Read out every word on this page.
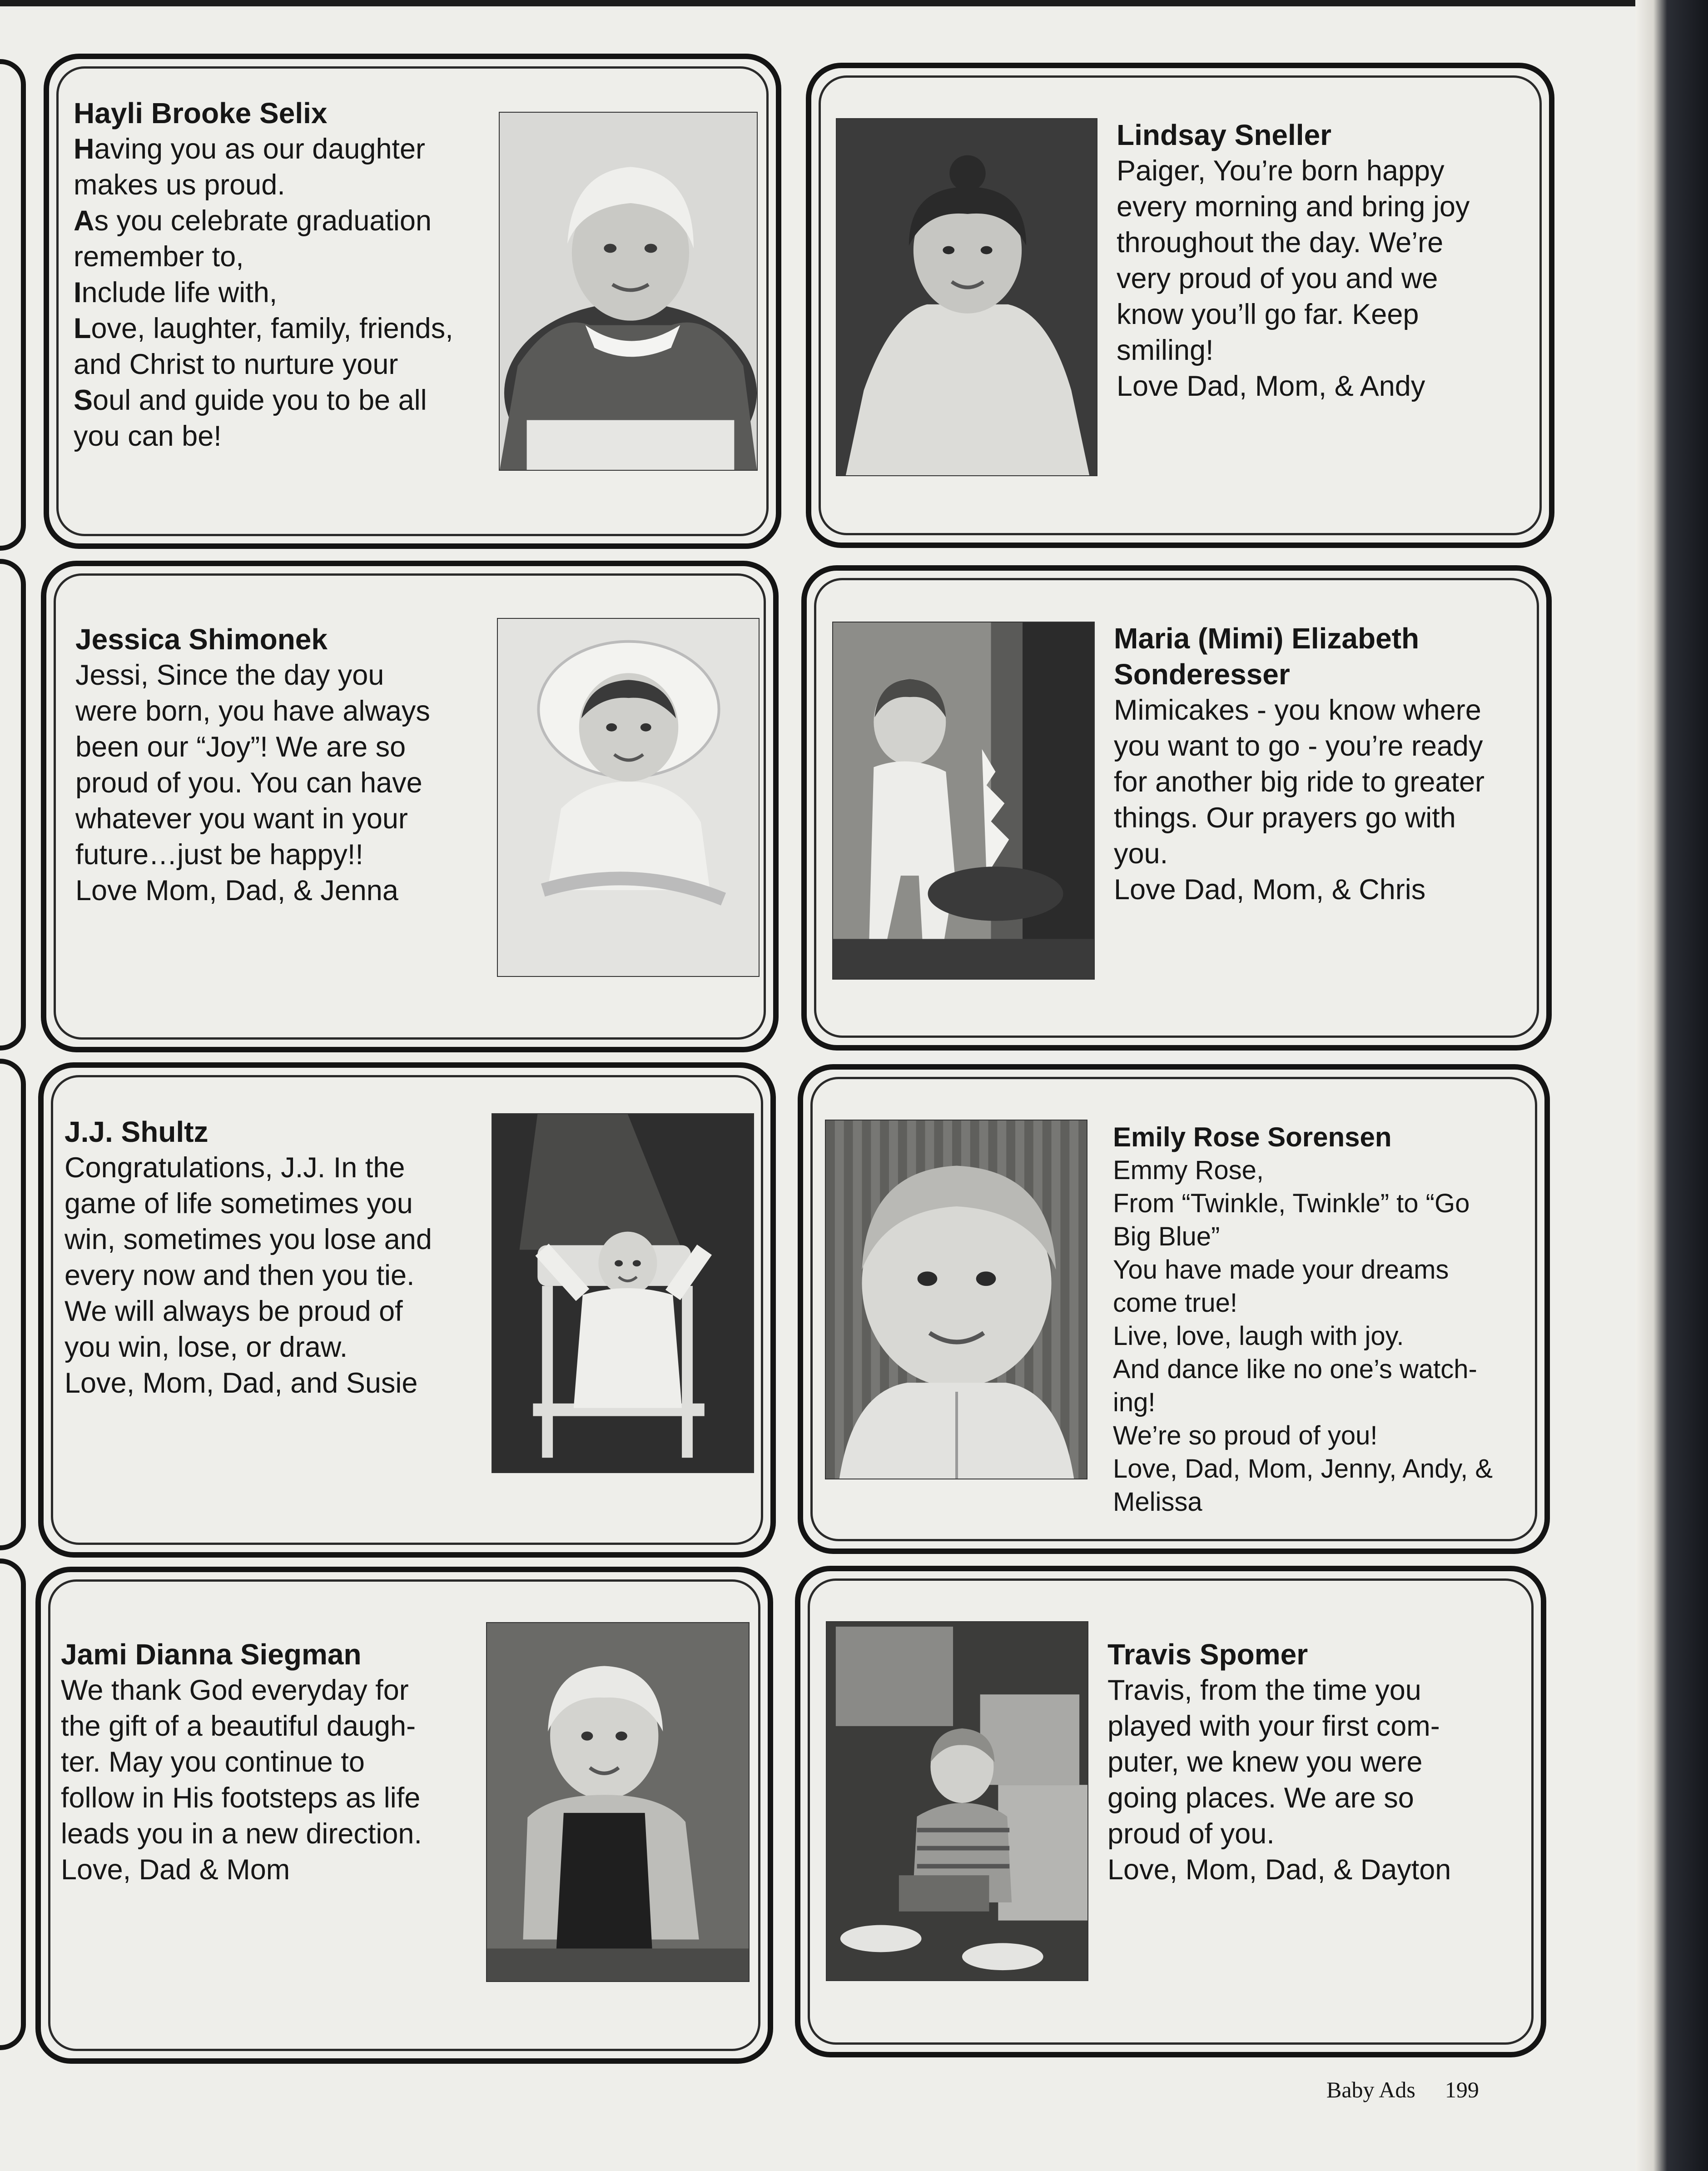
Hayli Brooke Selix
Having you as our daughter
makes us proud.
As you celebrate graduation
remember to,
Include life with,
Love, laughter, family, friends,
and Christ to nurture your
Soul and guide you to be all
you can be!
Lindsay Sneller
Paiger, You’re born happy
every morning and bring joy
throughout the day. We’re
very proud of you and we
know you’ll go far. Keep
smiling!
Love Dad, Mom, & Andy
Jessica Shimonek
Jessi, Since the day you
were born, you have always
been our “Joy”! We are so
proud of you. You can have
whatever you want in your
future…just be happy!!
Love Mom, Dad, & Jenna
Maria (Mimi) Elizabeth
Sonderesser
Mimicakes - you know where
you want to go - you’re ready
for another big ride to greater
things. Our prayers go with
you.
Love Dad, Mom, & Chris
J.J. Shultz
Congratulations, J.J. In the
game of life sometimes you
win, sometimes you lose and
every now and then you tie.
We will always be proud of
you win, lose, or draw.
Love, Mom, Dad, and Susie
Emily Rose Sorensen
Emmy Rose,
From “Twinkle, Twinkle” to “Go
Big Blue”
You have made your dreams
come true!
Live, love, laugh with joy.
And dance like no one’s watch-
ing!
We’re so proud of you!
Love, Dad, Mom, Jenny, Andy, &
Melissa
Jami Dianna Siegman
We thank God everyday for
the gift of a beautiful daugh-
ter. May you continue to
follow in His footsteps as life
leads you in a new direction.
Love, Dad & Mom
Travis Spomer
Travis, from the time you
played with your first com-
puter, we knew you were
going places. We are so
proud of you.
Love, Mom, Dad, & Dayton
Baby Ads 199
